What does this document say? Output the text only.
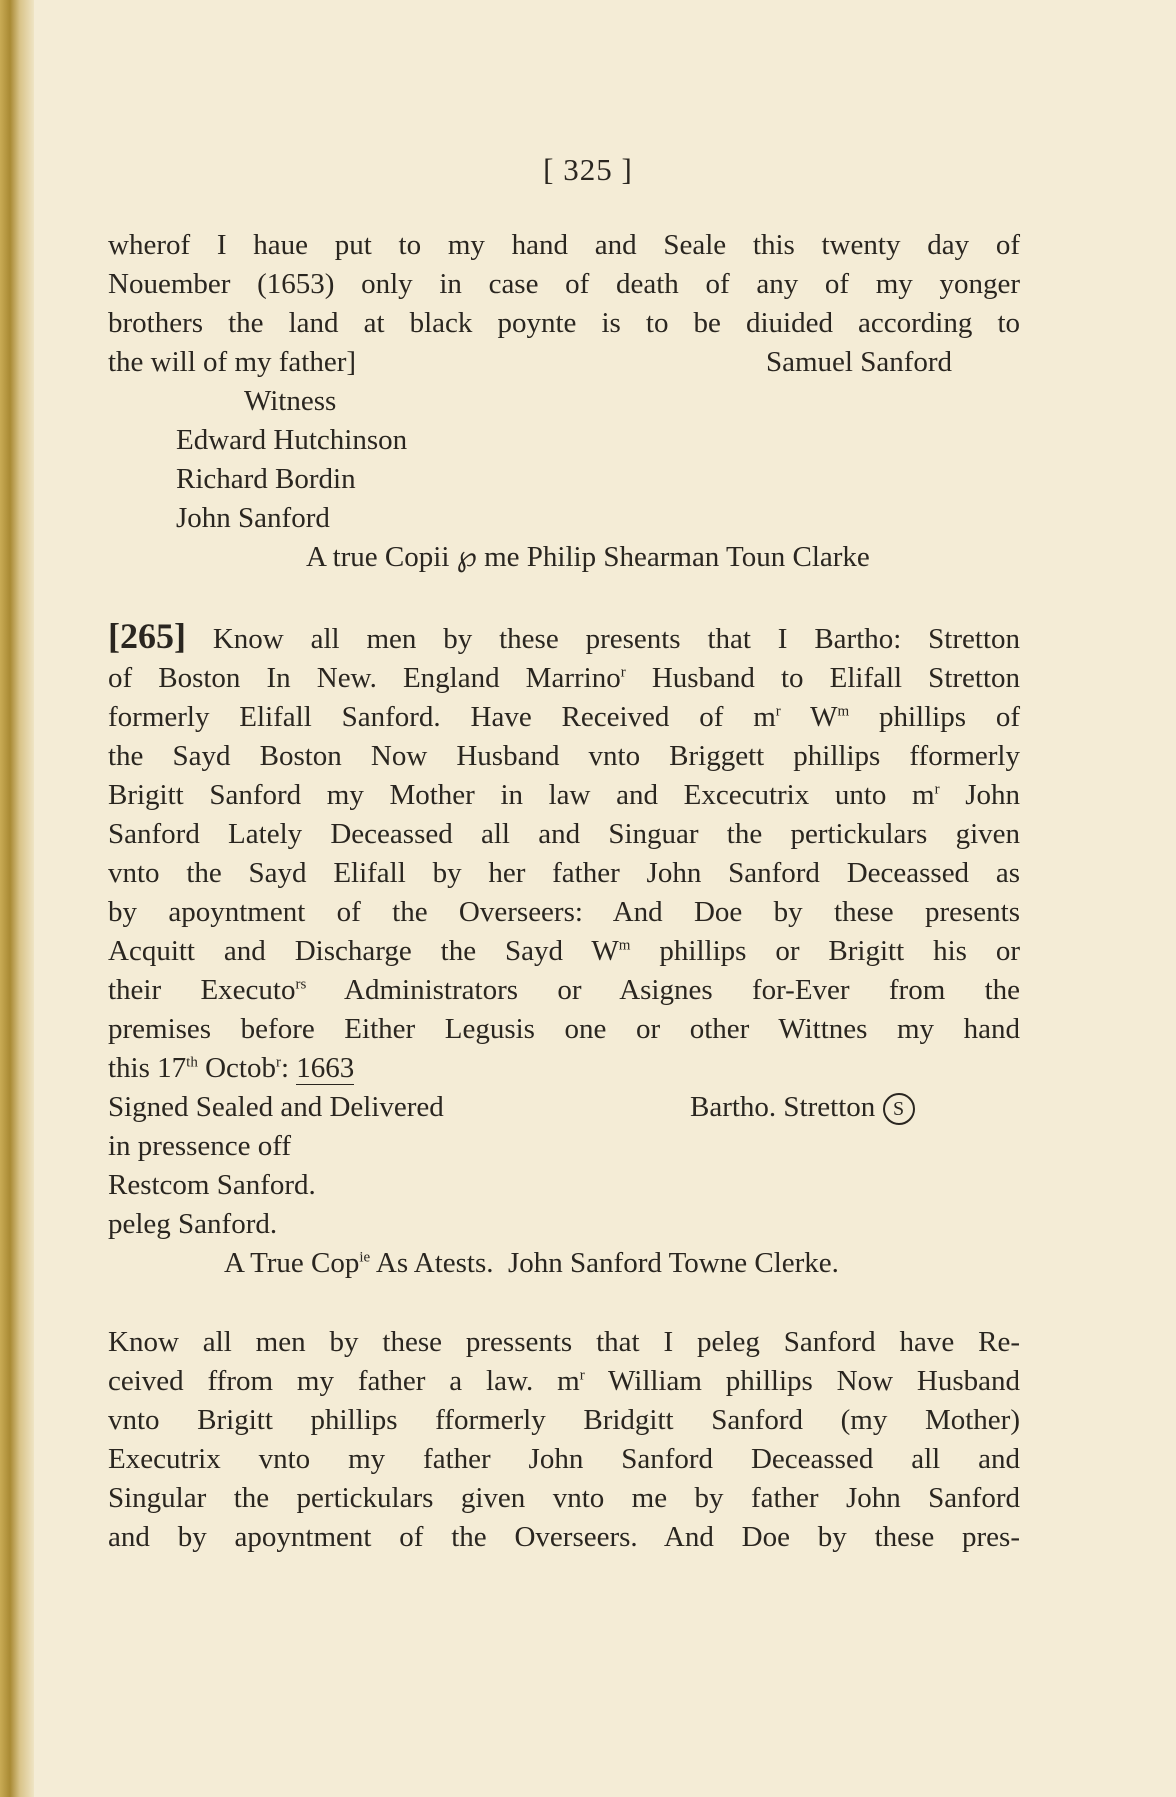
[ 325 ]
wherof I haue put to my hand and Seale this twenty day of
Nouember (1653) only in case of death of any of my yonger
brothers the land at black poynte is to be diuided according to
the will of my father]	Samuel Sanford
Witness
Edward Hutchinson
Richard Bordin
John Sanford
A true Copii ℘ me Philip Shearman Toun Clarke
[265] Know all men by these presents that I Bartho: Stretton
of Boston In New. England Marrino$^r$ Husband to Elifall Stretton
formerly Elifall Sanford. Have Received of $m^r$ $W^m$ phillips of
the Sayd Boston Now Husband vnto Briggett phillips fformerly
Brigitt Sanford my Mother in law and Excecutrix unto $m^r$ John
Sanford Lately Deceassed all and Singuar the pertickulars given
vnto the Sayd Elifall by her father John Sanford Deceassed as
by apoyntment of the Overseers: And Doe by these presents
Acquitt and Discharge the Sayd $W^m$ phillips or Brigitt his or
their Executo$^{rs}$ Administrators or Asignes for-Ever from the
premises before Either Legusis one or other Wittnes my hand
this 17th Octob$^r$: 1663
Signed Sealed and Delivered	Bartho. Stretton S
in pressence off
Restcom Sanford.
peleg Sanford.
A True Cop$^{ie}$ As Atests. John Sanford Towne Clerke.
Know all men by these pressents that I peleg Sanford have Re-
ceived ffrom my father a law. $m^r$ William phillips Now Husband
vnto Brigitt phillips fformerly Bridgitt Sanford (my Mother)
Executrix vnto my father John Sanford Deceassed all and
Singular the pertickulars given vnto me by father John Sanford
and by apoyntment of the Overseers. And Doe by these pres-
